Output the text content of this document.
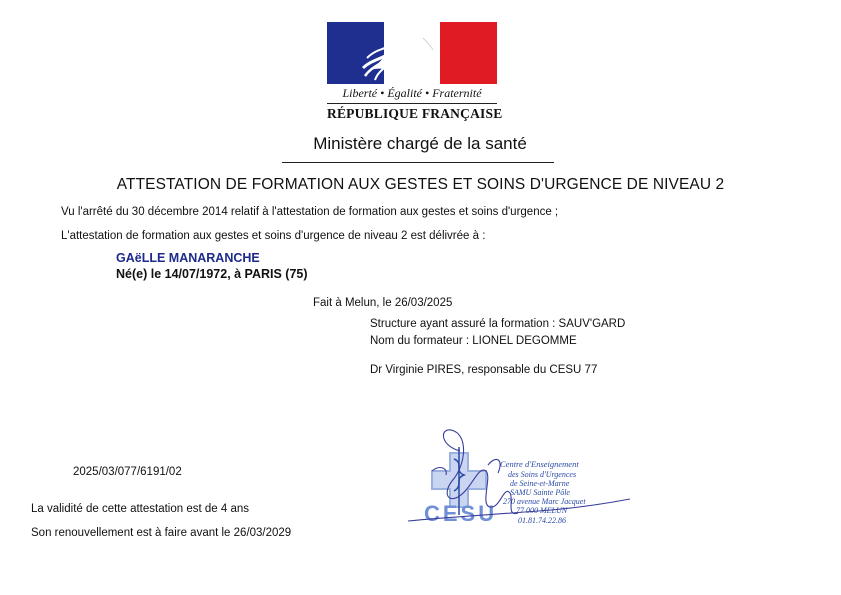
Liberté • Égalité • Fraternité
RÉPUBLIQUE FRANÇAISE
Ministère chargé de la santé
ATTESTATION DE FORMATION AUX GESTES ET SOINS D'URGENCE DE NIVEAU 2
Vu l'arrêté du 30 décembre 2014 relatif à l'attestation de formation aux gestes et soins d'urgence ;
L'attestation de formation aux gestes et soins d'urgence de niveau 2 est délivrée à :
GAëLLE MANARANCHE
Né(e) le 14/07/1972, à PARIS (75)
Fait à Melun, le 26/03/2025
Structure ayant assuré la formation : SAUV'GARD
Nom du formateur : LIONEL DEGOMME
Dr Virginie PIRES, responsable du CESU 77
2025/03/077/6191/02
La validité de cette attestation est de 4 ans
Son renouvellement est à faire avant le 26/03/2029
CESU
Centre d'Enseignement
des Soins d'Urgences
de Seine-et-Marne
SAMU Sainte Pôle
270 avenue Marc Jacquet
77 000 MELUN
01.81.74.22.86
